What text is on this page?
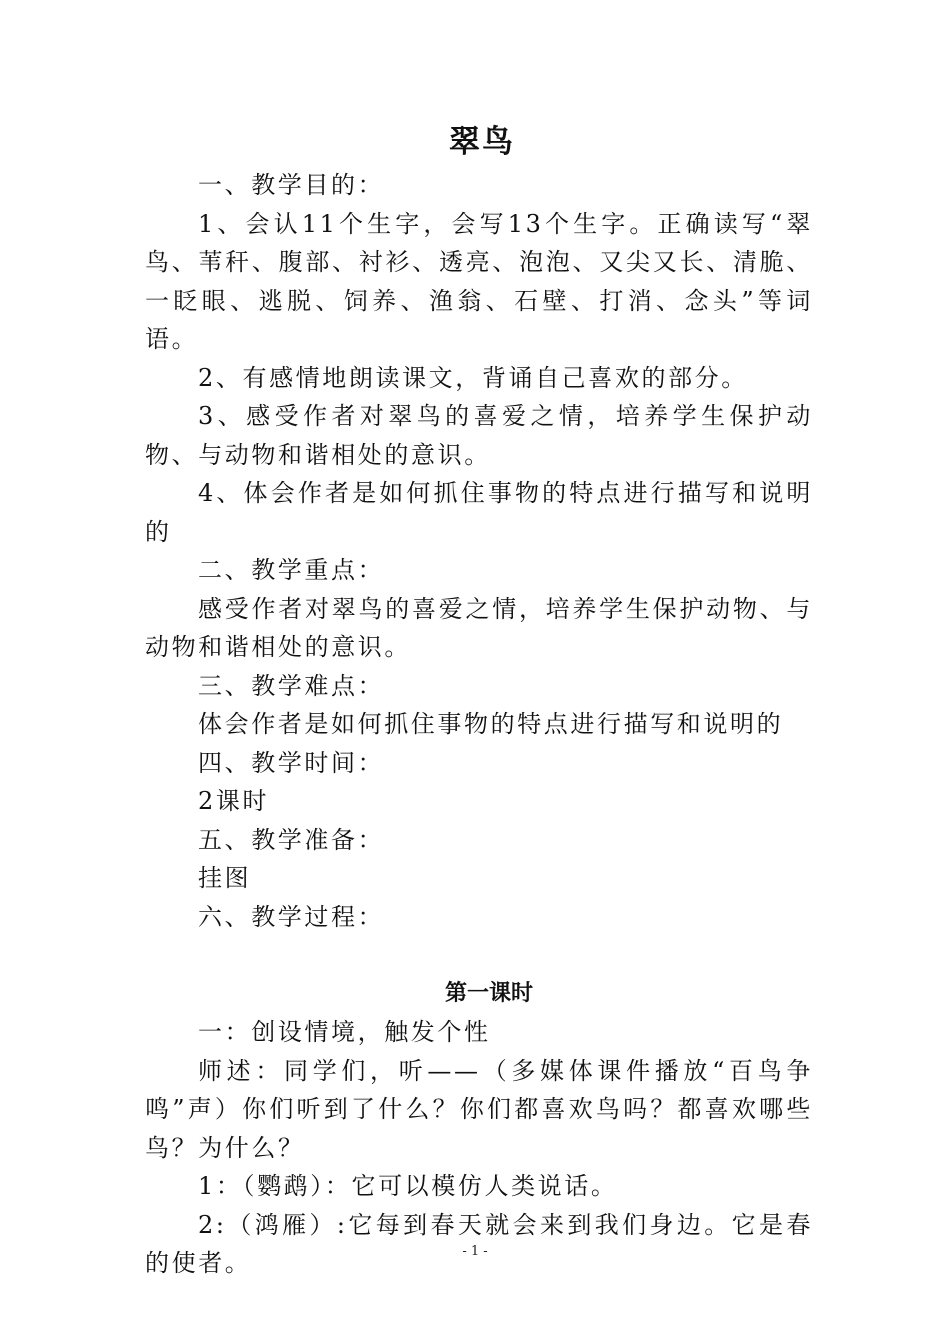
翠鸟

一、教学目的：

1、会认11个生字，会写13个生字。正确读写“翠鸟、苇秆、腹部、衬衫、透亮、泡泡、又尖又长、清脆、一眨眼、逃脱、饲养、渔翁、石壁、打消、念头”等词语。

2、有感情地朗读课文，背诵自己喜欢的部分。

3、感受作者对翠鸟的喜爱之情，培养学生保护动物、与动物和谐相处的意识。

4、体会作者是如何抓住事物的特点进行描写和说明的

二、教学重点：

感受作者对翠鸟的喜爱之情，培养学生保护动物、与动物和谐相处的意识。

三、教学难点：

体会作者是如何抓住事物的特点进行描写和说明的

四、教学时间：

2课时

五、教学准备：

挂图

六、教学过程：

第一课时

一：创设情境，触发个性

师述：同学们，听——（多媒体课件播放“百鸟争鸣”声）你们听到了什么？你们都喜欢鸟吗？都喜欢哪些鸟？为什么？

1：（鹦鹉）：它可以模仿人类说话。

2:（鸿雁）:它每到春天就会来到我们身边。它是春的使者。	- 1 -
